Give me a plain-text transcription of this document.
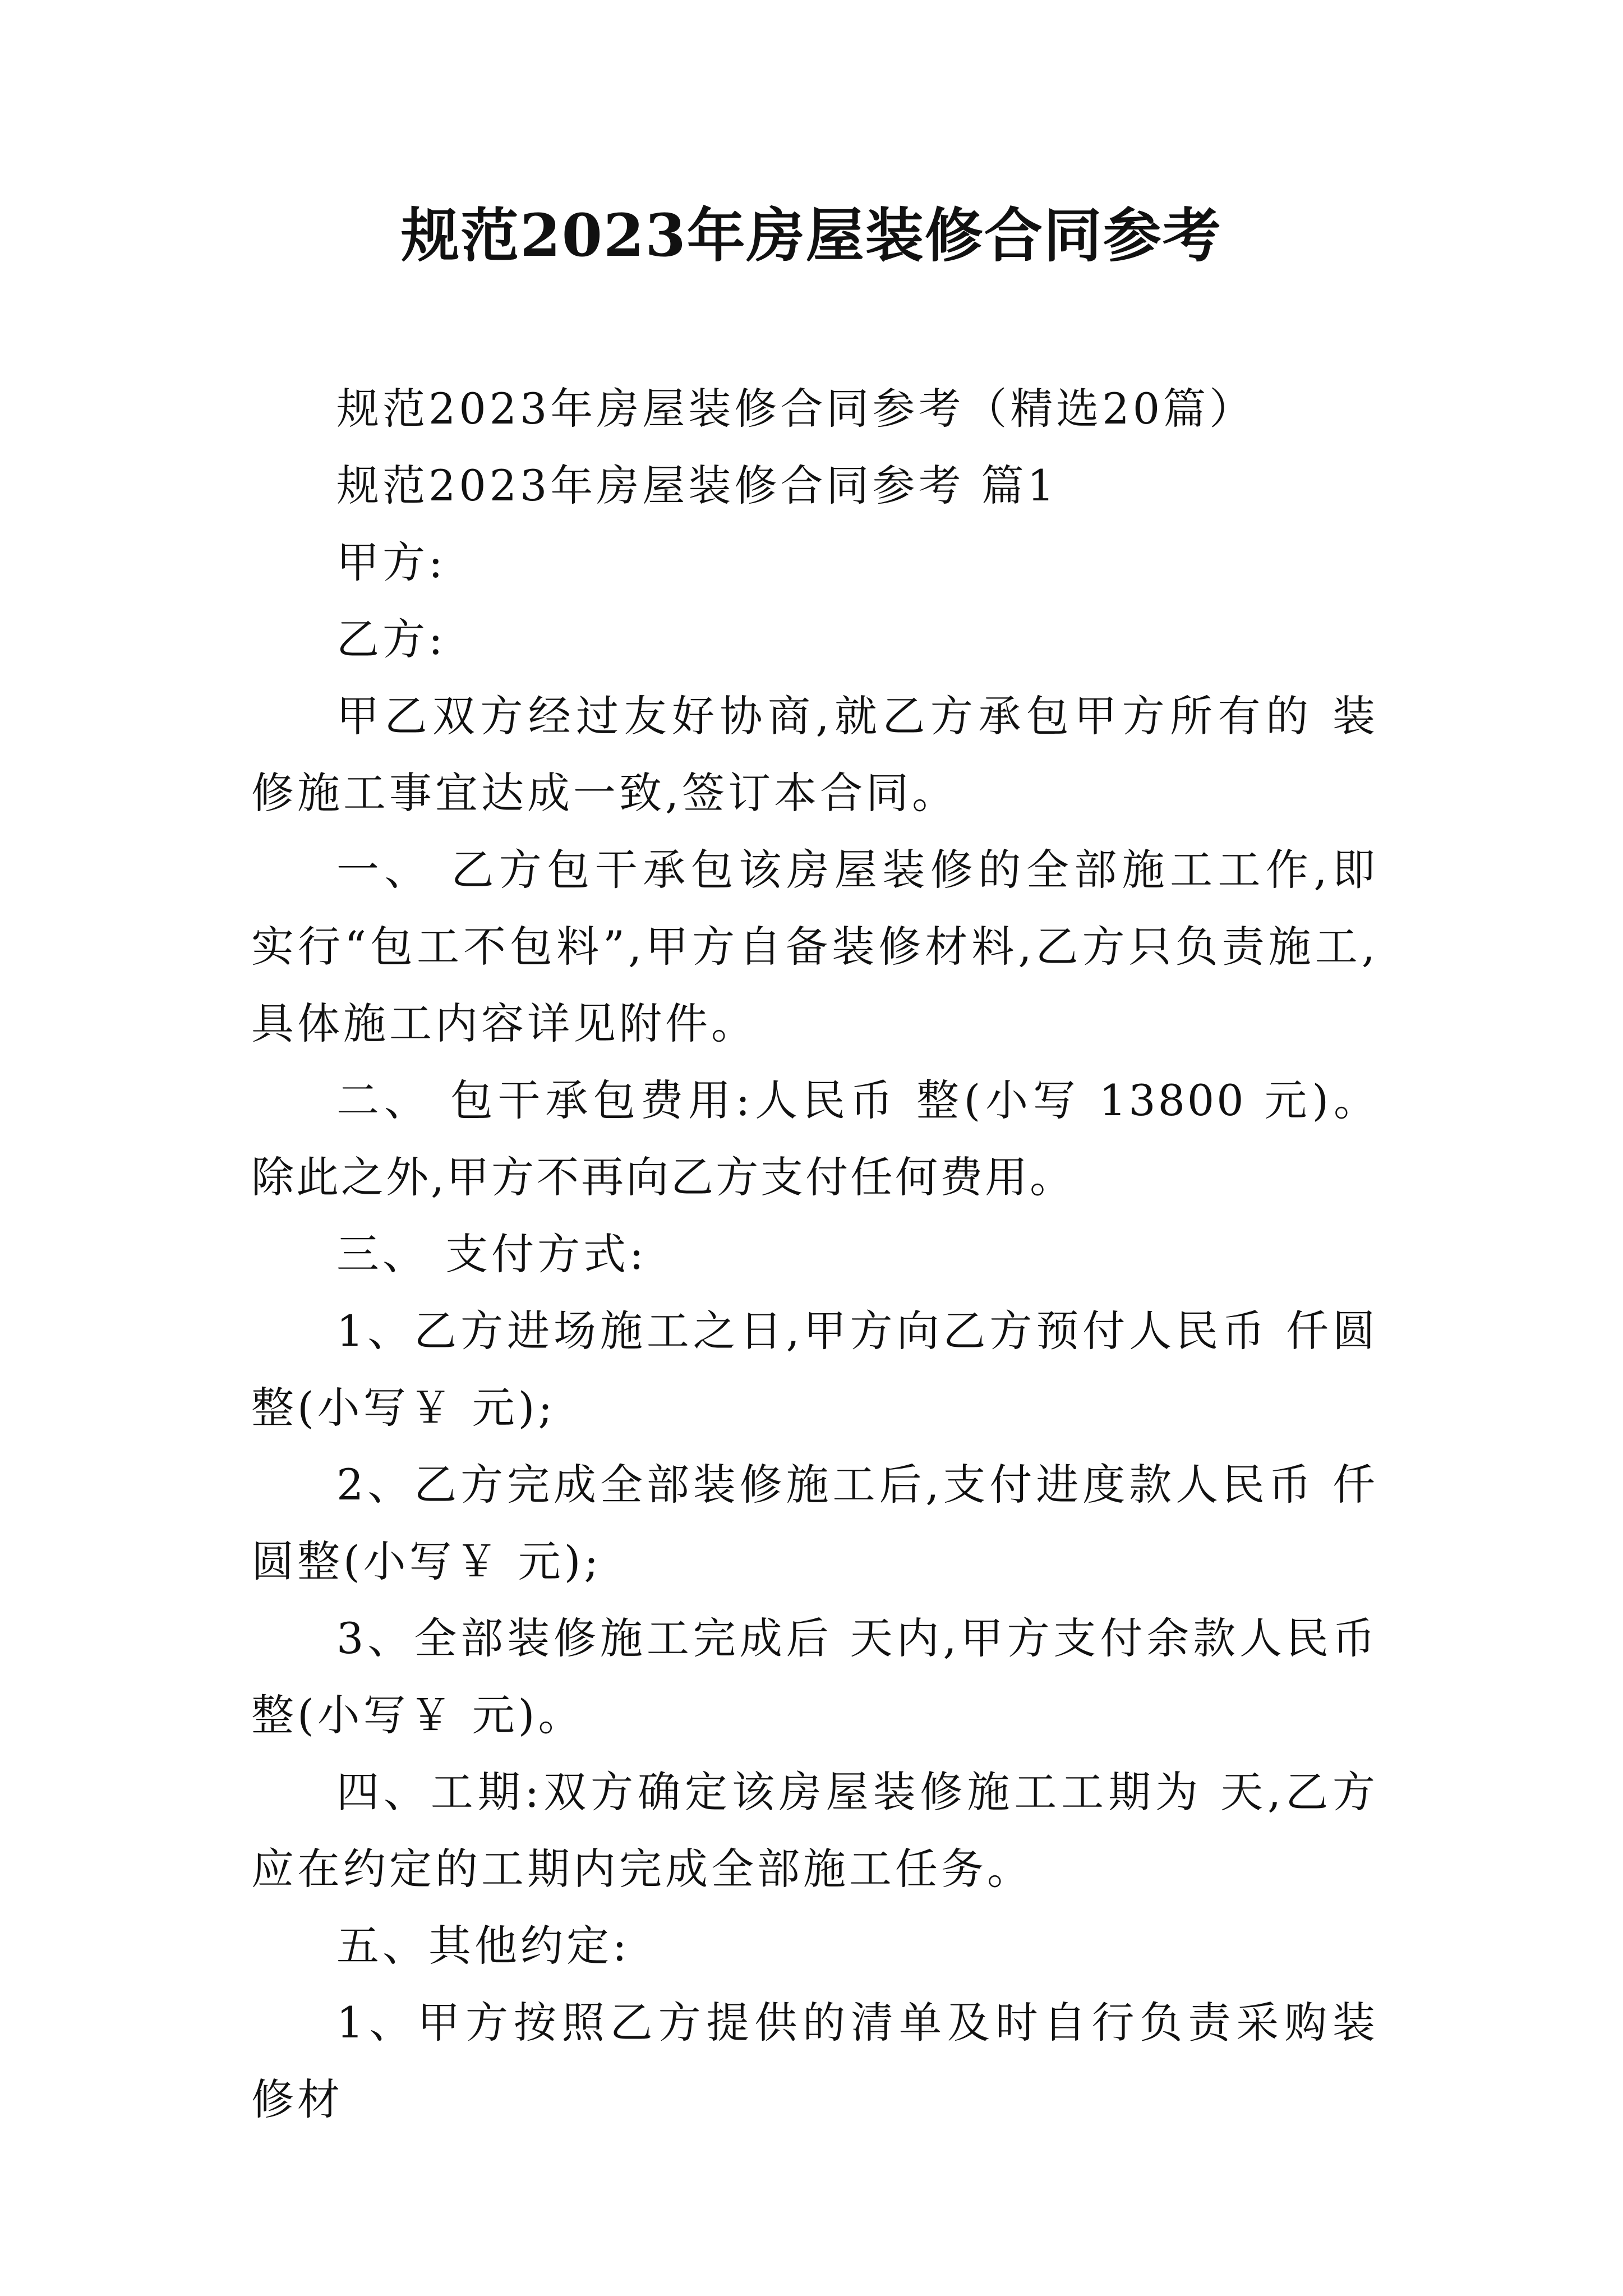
规范2023年房屋装修合同参考

规范2023年房屋装修合同参考（精选20篇）

规范2023年房屋装修合同参考 篇1

甲方:

乙方:

甲乙双方经过友好协商,就乙方承包甲方所有的 装修施工事宜达成一致,签订本合同。

一、 乙方包干承包该房屋装修的全部施工工作,即实行“包工不包料”,甲方自备装修材料,乙方只负责施工,具体施工内容详见附件。

二、 包干承包费用:人民币 整(小写 13800 元)。 除此之外,甲方不再向乙方支付任何费用。

三、 支付方式:

1、乙方进场施工之日,甲方向乙方预付人民币 仟圆整(小写￥ 元);

2、乙方完成全部装修施工后,支付进度款人民币 仟圆整(小写￥ 元);

3、全部装修施工完成后 天内,甲方支付余款人民币 整(小写￥ 元)。

四、工期:双方确定该房屋装修施工工期为 天,乙方应在约定的工期内完成全部施工任务。

五、其他约定:

1、甲方按照乙方提供的清单及时自行负责采购装修材
